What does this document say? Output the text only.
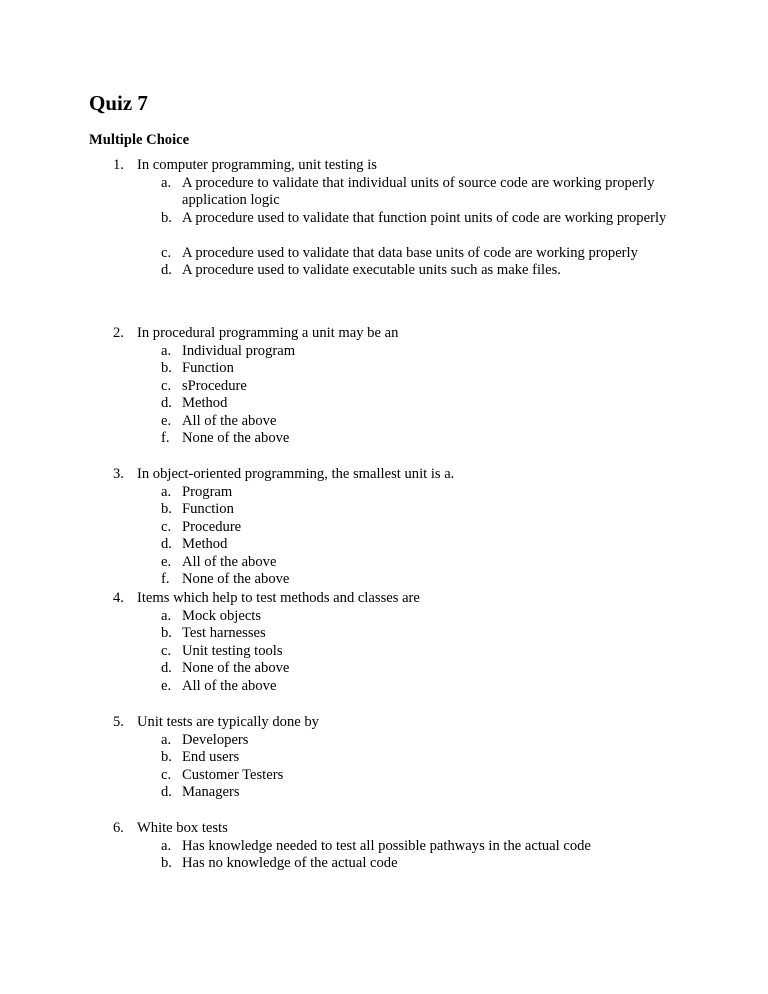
Quiz 7
Multiple Choice
1. In computer programming, unit testing is
a. A procedure to validate that individual units of source code are working properly application logic
b. A procedure used to validate that function point units of code are working properly
c. A procedure used to validate that data base units of code are working properly
d. A procedure used to validate executable units such as make files.
2. In procedural programming a unit may be an
a. Individual program
b. Function
c. sProcedure
d. Method
e. All of the above
f. None of the above
3. In object-oriented programming, the smallest unit is a.
a. Program
b. Function
c. Procedure
d. Method
e. All of the above
f. None of the above
4. Items which help to test methods and classes are
a. Mock objects
b. Test harnesses
c. Unit testing tools
d. None of the above
e. All of the above
5. Unit tests are typically done by
a. Developers
b. End users
c. Customer Testers
d. Managers
6. White box tests
a. Has knowledge needed to test all possible pathways in the actual code
b. Has no knowledge of the actual code
